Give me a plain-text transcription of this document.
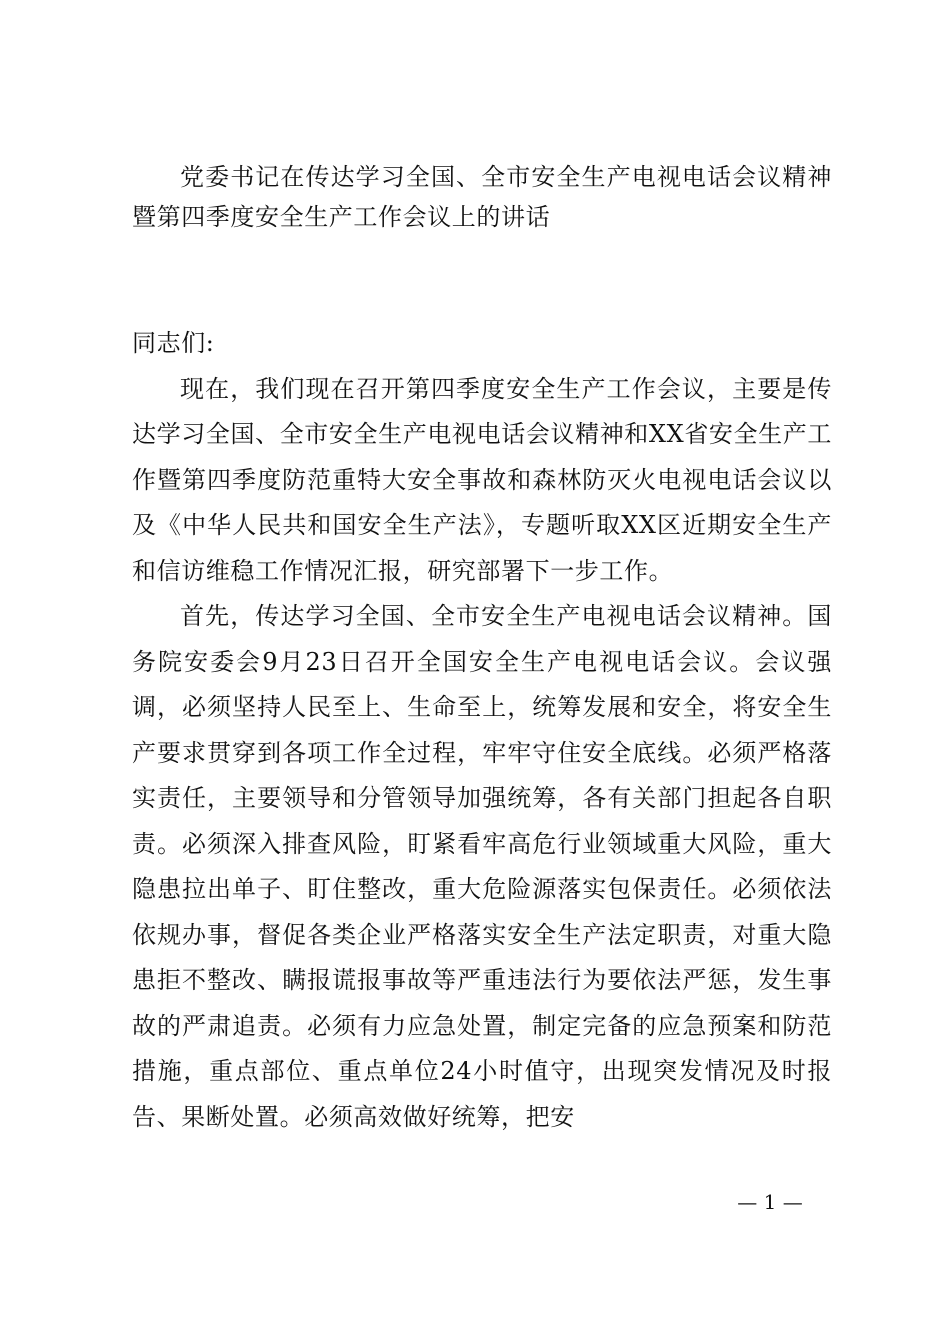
党委书记在传达学习全国、全市安全生产电视电话会议精神暨第四季度安全生产工作会议上的讲话

同志们:

现在，我们现在召开第四季度安全生产工作会议，主要是传达学习全国、全市安全生产电视电话会议精神和XX省安全生产工作暨第四季度防范重特大安全事故和森林防灭火电视电话会议以及《中华人民共和国安全生产法》，专题听取XX区近期安全生产和信访维稳工作情况汇报，研究部署下一步工作。

首先，传达学习全国、全市安全生产电视电话会议精神。国务院安委会9月23日召开全国安全生产电视电话会议。会议强调，必须坚持人民至上、生命至上，统筹发展和安全，将安全生产要求贯穿到各项工作全过程，牢牢守住安全底线。必须严格落实责任，主要领导和分管领导加强统筹，各有关部门担起各自职责。必须深入排查风险，盯紧看牢高危行业领域重大风险，重大隐患拉出单子、盯住整改，重大危险源落实包保责任。必须依法依规办事，督促各类企业严格落实安全生产法定职责，对重大隐患拒不整改、瞒报谎报事故等严重违法行为要依法严惩，发生事故的严肃追责。必须有力应急处置，制定完备的应急预案和防范措施，重点部位、重点单位24小时值守，出现突发情况及时报告、果断处置。必须高效做好统筹，把安

— 1 —
